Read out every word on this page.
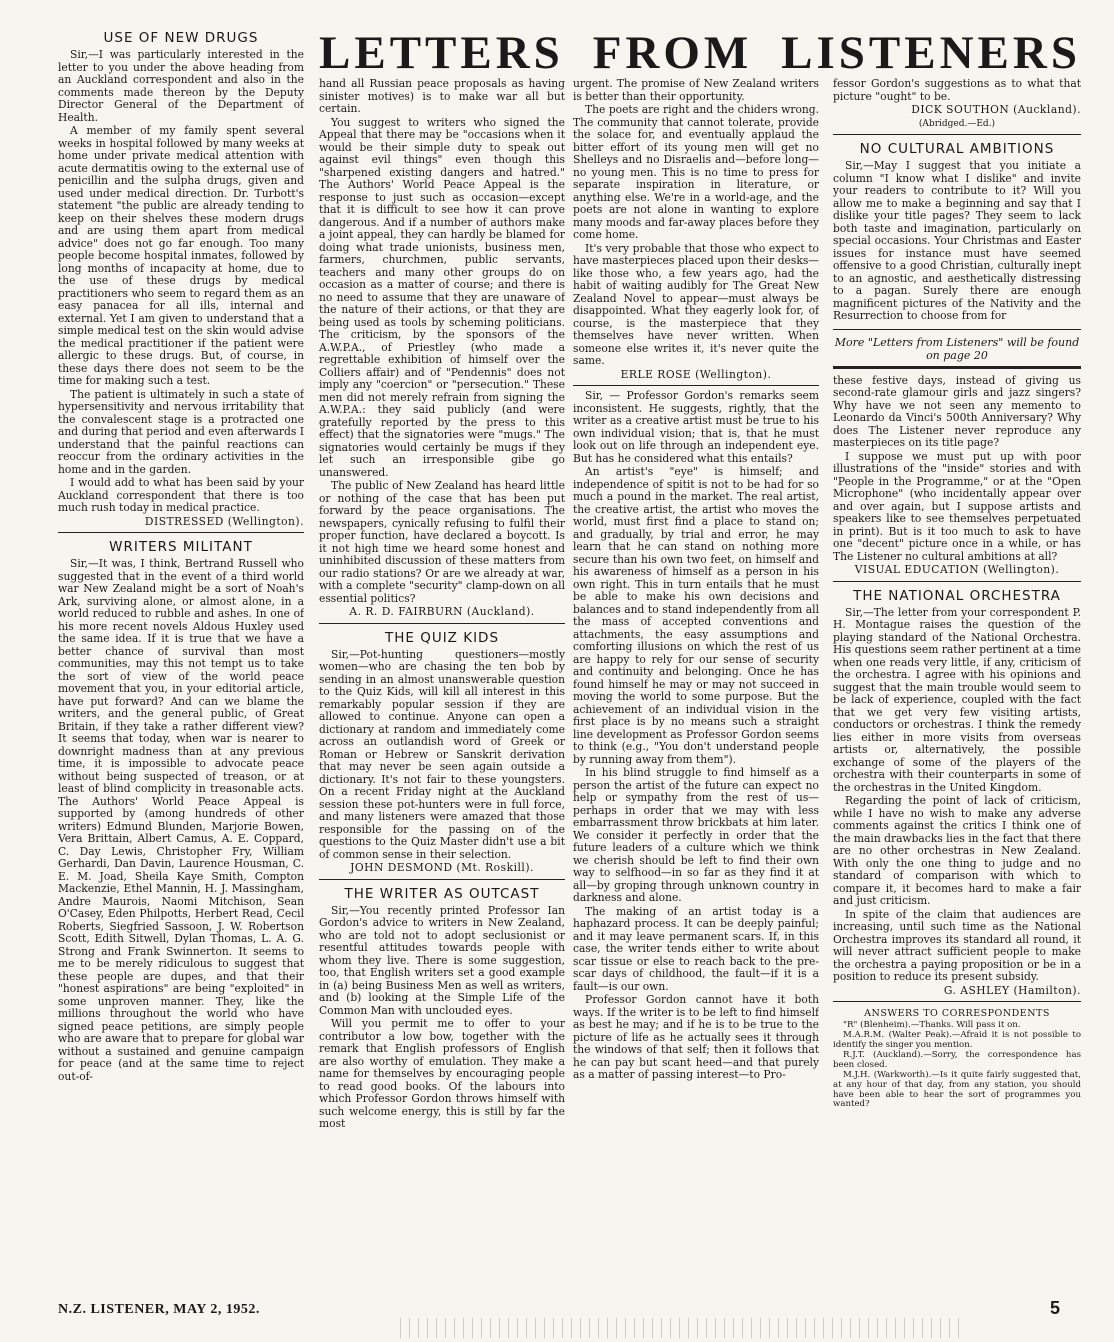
LETTERS FROM LISTENERS
USE OF NEW DRUGS

Sir,—I was particularly interested in the letter to you under the above heading from an Auckland correspondent and also in the comments made thereon by the Deputy Director General of the Department of Health.

A member of my family spent several weeks in hospital followed by many weeks at home under private medical attention with acute dermatitis owing to the external use of penicillin and the sulpha drugs, given and used under medical direction. Dr. Turbott's statement "the public are already tending to keep on their shelves these modern drugs and are using them apart from medical advice" does not go far enough. Too many people become hospital inmates, followed by long months of incapacity at home, due to the use of these drugs by medical practitioners who seem to regard them as an easy panacea for all ills, internal and external. Yet I am given to understand that a simple medical test on the skin would advise the medical practitioner if the patient were allergic to these drugs. But, of course, in these days there does not seem to be the time for making such a test.

The patient is ultimately in such a state of hypersensitivity and nervous irritability that the convalescent stage is a protracted one and during that period and even afterwards I understand that the painful reactions can reoccur from the ordinary activities in the home and in the garden.

I would add to what has been said by your Auckland correspondent that there is too much rush today in medical practice.

DISTRESSED (Wellington).

WRITERS MILITANT

Sir,—It was, I think, Bertrand Russell who suggested that in the event of a third world war New Zealand might be a sort of Noah's Ark, surviving alone, or almost alone, in a world reduced to rubble and ashes. In one of his more recent novels Aldous Huxley used the same idea. If it is true that we have a better chance of survival than most communities, may this not tempt us to take the sort of view of the world peace movement that you, in your editorial article, have put forward? And can we blame the writers, and the general public, of Great Britain, if they take a rather different view? It seems that today, when war is nearer to downright madness than at any previous time, it is impossible to advocate peace without being suspected of treason, or at least of blind complicity in treasonable acts. The Authors' World Peace Appeal is supported by (among hundreds of other writers) Edmund Blunden, Marjorie Bowen, Vera Brittain, Albert Camus, A. E. Coppard, C. Day Lewis, Christopher Fry, William Gerhardi, Dan Davin, Laurence Housman, C. E. M. Joad, Sheila Kaye Smith, Compton Mackenzie, Ethel Mannin, H. J. Massingham, Andre Maurois, Naomi Mitchison, Sean O'Casey, Eden Philpotts, Herbert Read, Cecil Roberts, Siegfried Sassoon, J. W. Robertson Scott, Edith Sitwell, Dylan Thomas, L. A. G. Strong and Frank Swinnerton. It seems to me to be merely ridiculous to suggest that these people are dupes, and that their "honest aspirations" are being "exploited" in some unproven manner. They, like the millions throughout the world who have signed peace petitions, are simply people who are aware that to prepare for global war without a sustained and genuine campaign for peace (and at the same time to reject out-of-

hand all Russian peace proposals as having sinister motives) is to make war all but certain.

You suggest to writers who signed the Appeal that there may be "occasions when it would be their simple duty to speak out against evil things" even though this "sharpened existing dangers and hatred." The Authors' World Peace Appeal is the response to just such as occasion—except that it is difficult to see how it can prove dangerous. And if a number of authors make a joint appeal, they can hardly be blamed for doing what trade unionists, business men, farmers, churchmen, public servants, teachers and many other groups do on occasion as a matter of course; and there is no need to assume that they are unaware of the nature of their actions, or that they are being used as tools by scheming politicians. The criticism, by the sponsors of the A.W.P.A., of Priestley (who made a regrettable exhibition of himself over the Colliers affair) and of "Pendennis" does not imply any "coercion" or "persecution." These men did not merely refrain from signing the A.W.P.A.: they said publicly (and were gratefully reported by the press to this effect) that the signatories were "mugs." The signatories would certainly be mugs if they let such an irresponsible gibe go unanswered.

The public of New Zealand has heard little or nothing of the case that has been put forward by the peace organisations. The newspapers, cynically refusing to fulfil their proper function, have declared a boycott. Is it not high time we heard some honest and uninhibited discussion of these matters from our radio stations? Or are we already at war, with a complete "security" clamp-down on all essential politics?

A. R. D. FAIRBURN (Auckland).

THE QUIZ KIDS

Sir,—Pot-hunting questioners—mostly women—who are chasing the ten bob by sending in an almost unanswerable question to the Quiz Kids, will kill all interest in this remarkably popular session if they are allowed to continue. Anyone can open a dictionary at random and immediately come across an outlandish word of Greek or Roman or Hebrew or Sanskrit derivation that may never be seen again outside a dictionary. It's not fair to these youngsters. On a recent Friday night at the Auckland session these pot-hunters were in full force, and many listeners were amazed that those responsible for the passing on of the questions to the Quiz Master didn't use a bit of common sense in their selection.

JOHN DESMOND (Mt. Roskill).

THE WRITER AS OUTCAST

Sir,—You recently printed Professor Ian Gordon's advice to writers in New Zealand, who are told not to adopt seclusionist or resentful attitudes towards people with whom they live. There is some suggestion, too, that English writers set a good example in (a) being Business Men as well as writers, and (b) looking at the Simple Life of the Common Man with unclouded eyes.

Will you permit me to offer to your contributor a low bow, together with the remark that English professors of English are also worthy of emulation. They make a name for themselves by encouraging people to read good books. Of the labours into which Professor Gordon throws himself with such welcome energy, this is still by far the most

urgent. The promise of New Zealand writers is better than their opportunity.

The poets are right and the chiders wrong. The community that cannot tolerate, provide the solace for, and eventually applaud the bitter effort of its young men will get no Shelleys and no Disraelis and—before long—no young men. This is no time to press for separate inspiration in literature, or anything else. We're in a world-age, and the poets are not alone in wanting to explore many moods and far-away places before they come home.

It's very probable that those who expect to have masterpieces placed upon their desks—like those who, a few years ago, had the habit of waiting audibly for The Great New Zealand Novel to appear—must always be disappointed. What they eagerly look for, of course, is the masterpiece that they themselves have never written. When someone else writes it, it's never quite the same.

ERLE ROSE (Wellington).

Sir, — Professor Gordon's remarks seem inconsistent. He suggests, rightly, that the writer as a creative artist must be true to his own individual vision; that is, that he must look out on life through an independent eye. But has he considered what this entails?

An artist's "eye" is himself; and independence of spitit is not to be had for so much a pound in the market. The real artist, the creative artist, the artist who moves the world, must first find a place to stand on; and gradually, by trial and error, he may learn that he can stand on nothing more secure than his own two feet, on himself and his awareness of himself as a person in his own right. This in turn entails that he must be able to make his own decisions and balances and to stand independently from all the mass of accepted conventions and attachments, the easy assumptions and comforting illusions on which the rest of us are happy to rely for our sense of security and continuity and belonging. Once he has found himself he may or may not succeed in moving the world to some purpose. But the achievement of an individual vision in the first place is by no means such a straight line development as Professor Gordon seems to think (e.g., "You don't understand people by running away from them").

In his blind struggle to find himself as a person the artist of the future can expect no help or sympathy from the rest of us—perhaps in order that we may with less embarrassment throw brickbats at him later. We consider it perfectly in order that the future leaders of a culture which we think we cherish should be left to find their own way to selfhood—in so far as they find it at all—by groping through unknown country in darkness and alone.

The making of an artist today is a haphazard process. It can be deeply painful; and it may leave permanent scars. If, in this case, the writer tends either to write about scar tissue or else to reach back to the pre-scar days of childhood, the fault—if it is a fault—is our own.

Professor Gordon cannot have it both ways. If the writer is to be left to find himself as best he may; and if he is to be true to the picture of life as he actually sees it through the windows of that self; then it follows that he can pay but scant heed—and that purely as a matter of passing interest—to Pro-

fessor Gordon's suggestions as to what that picture "ought" to be.

DICK SOUTHON (Auckland).

(Abridged.—Ed.)

NO CULTURAL AMBITIONS

Sir,—May I suggest that you initiate a column "I know what I dislike" and invite your readers to contribute to it? Will you allow me to make a beginning and say that I dislike your title pages? They seem to lack both taste and imagination, particularly on special occasions. Your Christmas and Easter issues for instance must have seemed offensive to a good Christian, culturally inept to an agnostic, and aesthetically distressing to a pagan. Surely there are enough magnificent pictures of the Nativity and the Resurrection to choose from for

More "Letters from Listeners" will be found on page 20

these festive days, instead of giving us second-rate glamour girls and jazz singers? Why have we not seen any memento to Leonardo da Vinci's 500th Anniversary? Why does The Listener never reproduce any masterpieces on its title page?

I suppose we must put up with poor illustrations of the "inside" stories and with "People in the Programme," or at the "Open Microphone" (who incidentally appear over and over again, but I suppose artists and speakers like to see themselves perpetuated in print). But is it too much to ask to have one "decent" picture once in a while, or has The Listener no cultural ambitions at all?

VISUAL EDUCATION (Wellington).

THE NATIONAL ORCHESTRA

Sir,—The letter from your correspondent P. H. Montague raises the question of the playing standard of the National Orchestra. His questions seem rather pertinent at a time when one reads very little, if any, criticism of the orchestra. I agree with his opinions and suggest that the main trouble would seem to be lack of experience, coupled with the fact that we get very few visiting artists, conductors or orchestras. I think the remedy lies either in more visits from overseas artists or, alternatively, the possible exchange of some of the players of the orchestra with their counterparts in some of the orchestras in the United Kingdom.

Regarding the point of lack of criticism, while I have no wish to make any adverse comments against the critics I think one of the main drawbacks lies in the fact that there are no other orchestras in New Zealand. With only the one thing to judge and no standard of comparison with which to compare it, it becomes hard to make a fair and just criticism.

In spite of the claim that audiences are increasing, until such time as the National Orchestra improves its standard all round, it will never attract sufficient people to make the orchestra a paying proposition or be in a position to reduce its present subsidy.

G. ASHLEY (Hamilton).

ANSWERS TO CORRESPONDENTS

"R" (Blenheim).—Thanks. Will pass it on.

M.A.R.M. (Walter Peak).—Afraid it is not possible to identify the singer you mention.

R.J.T. (Auckland).—Sorry, the correspondence has been closed.

M.J.H. (Warkworth).—Is it quite fairly suggested that, at any hour of that day, from any station, you should have been able to hear the sort of programmes you wanted?

N.Z. LISTENER, MAY 2, 1952.	5
